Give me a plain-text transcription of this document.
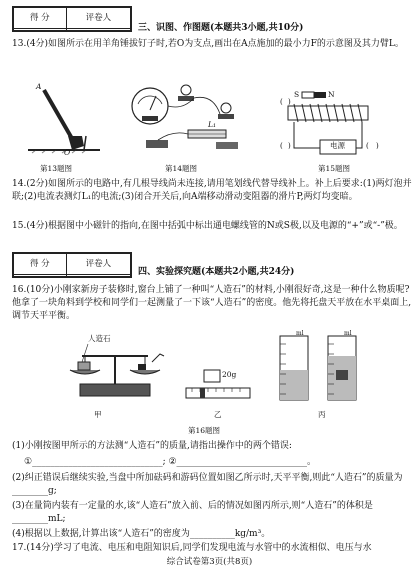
得 分	评卷人

三、识图、作图题(本题共3小题,共10分)
13.(4分)如图所示在用羊角锤拔钉子时,若O为支点,画出在A点施加的最小力F的示意图及其力臂L。
A
O
L₁
( )	( )
( )
S	N
电源
第13题图	第14题图	第15题图
14.(2分)如图所示的电路中,有几根导线尚未连接,请用笔划线代替导线补上。补上后要求:(1)两灯泡并联;(2)电流表测灯L₁的电流;(3)闭合开关后,向A端移动滑动变阻器的滑片P,两灯均变暗。
15.(4分)根据图中小磁针的指向,在图中括弧中标出通电螺线管的N或S极,以及电源的“+”或“-”极。
得 分	评卷人

四、实验探究题(本题共2小题,共24分)
16.(10分)小刚家新房子装修时,窗台上铺了一种叫“人造石”的材料,小刚很好奇,这是一种什么物质呢?他拿了一块角料到学校和同学们一起测量了一下该“人造石”的密度。他先将托盘天平放在水平桌面上,调节天平平衡。
人造石
20g
ml	ml
甲	乙	丙
第16题图
(1)小刚按图甲所示的方法测“人造石”的质量,请指出操作中的两个错误:
①_____________________________; ②_____________________________。
(2)纠正错误后继续实验,当盘中所加砝码和游码位置如图乙所示时,天平平衡,则此“人造石”的质量为________g;
(3)在量筒内装有一定量的水,该“人造石”放入前、后的情况如图丙所示,则“人造石”的体积是________mL;
(4)根据以上数据,计算出该“人造石”的密度为__________kg/m³。
17.(14分)学习了电流、电压和电阻知识后,同学们发现电流与水管中的水流相似、电压与水
综合试卷第3页(共8页)
